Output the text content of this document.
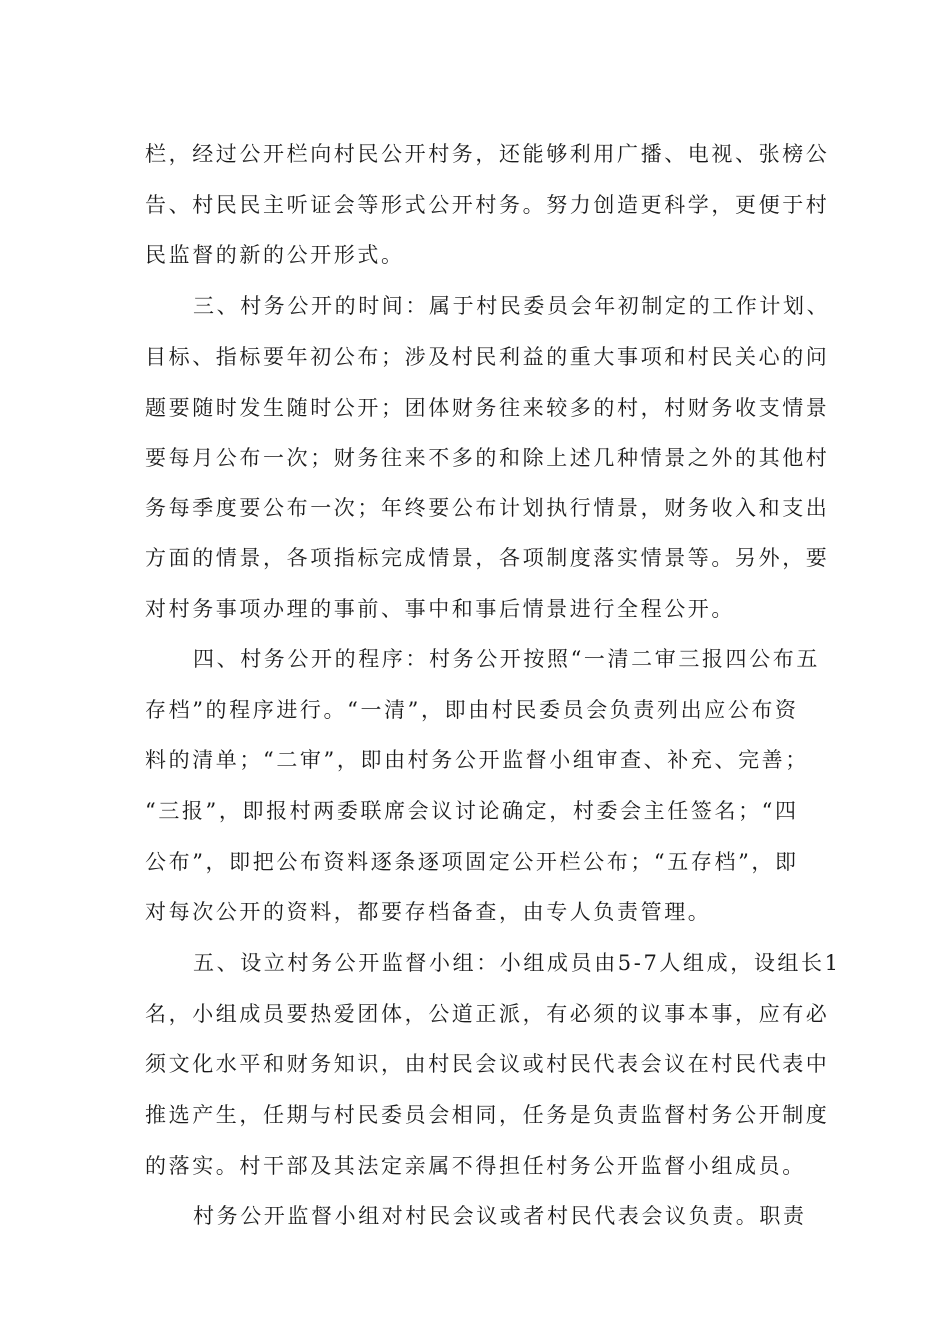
栏，经过公开栏向村民公开村务，还能够利用广播、电视、张榜公
告、村民民主听证会等形式公开村务。努力创造更科学，更便于村
民监督的新的公开形式。
三、村务公开的时间：属于村民委员会年初制定的工作计划、
目标、指标要年初公布；涉及村民利益的重大事项和村民关心的问
题要随时发生随时公开；团体财务往来较多的村，村财务收支情景
要每月公布一次；财务往来不多的和除上述几种情景之外的其他村
务每季度要公布一次；年终要公布计划执行情景，财务收入和支出
方面的情景，各项指标完成情景，各项制度落实情景等。另外，要
对村务事项办理的事前、事中和事后情景进行全程公开。
四、村务公开的程序：村务公开按照“一清二审三报四公布五
存档”的程序进行。“一清”，即由村民委员会负责列出应公布资
料的清单；“二审”，即由村务公开监督小组审查、补充、完善；
“三报”，即报村两委联席会议讨论确定，村委会主任签名；“四
公布”，即把公布资料逐条逐项固定公开栏公布；“五存档”，即
对每次公开的资料，都要存档备查，由专人负责管理。
五、设立村务公开监督小组：小组成员由5-7人组成，设组长1
名，小组成员要热爱团体，公道正派，有必须的议事本事，应有必
须文化水平和财务知识，由村民会议或村民代表会议在村民代表中
推选产生，任期与村民委员会相同，任务是负责监督村务公开制度
的落实。村干部及其法定亲属不得担任村务公开监督小组成员。
村务公开监督小组对村民会议或者村民代表会议负责。职责
